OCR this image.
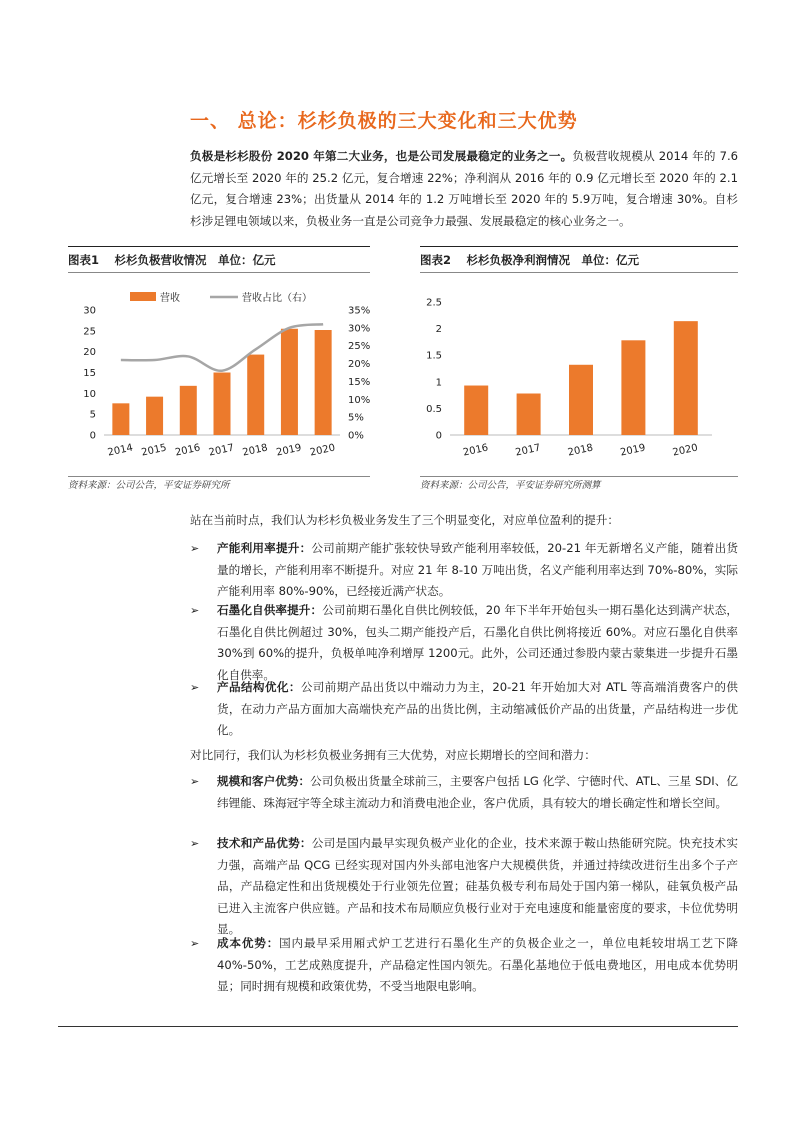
一、 总论：杉杉负极的三大变化和三大优势
负极是杉杉股份 2020 年第二大业务，也是公司发展最稳定的业务之一。负极营收规模从 2014 年的 7.6 亿元增长至 2020 年的 25.2 亿元，复合增速 22%；净利润从 2016 年的 0.9 亿元增长至 2020 年的 2.1 亿元，复合增速 23%；出货量从 2014 年的 1.2 万吨增长至 2020 年的 5.9万吨，复合增速 30%。自杉杉涉足锂电领域以来，负极业务一直是公司竞争力最强、发展最稳定的核心业务之一。
图表1　 杉杉负极营收情况　单位：亿元	图表2　 杉杉负极净利润情况　单位：亿元
0
5
10
15
20
25
30
0%
5%
10%
15%
20%
25%
30%
35%
2014 2015 2016 2017 2018 2019 2020
营收	营收占比（右）
0
0.5
1
1.5
2
2.5
2016	2017	2018	2019	2020
资料来源：公司公告，平安证券研究所	资料来源：公司公告，平安证券研究所测算
站在当前时点，我们认为杉杉负极业务发生了三个明显变化，对应单位盈利的提升：
➢ 产能利用率提升：公司前期产能扩张较快导致产能利用率较低，20-21 年无新增名义产能，随着出货量的增长，产能利用率不断提升。对应 21 年 8-10 万吨出货，名义产能利用率达到 70%-80%，实际产能利用率 80%-90%，已经接近满产状态。
➢ 石墨化自供率提升：公司前期石墨化自供比例较低，20 年下半年开始包头一期石墨化达到满产状态，石墨化自供比例超过 30%，包头二期产能投产后，石墨化自供比例将接近 60%。对应石墨化自供率 30%到 60%的提升，负极单吨净利增厚 1200元。此外，公司还通过参股内蒙古蒙集进一步提升石墨化自供率。
➢ 产品结构优化：公司前期产品出货以中端动力为主，20-21 年开始加大对 ATL 等高端消费客户的供货，在动力产品方面加大高端快充产品的出货比例，主动缩减低价产品的出货量，产品结构进一步优化。
对比同行，我们认为杉杉负极业务拥有三大优势，对应长期增长的空间和潜力：
➢ 规模和客户优势：公司负极出货量全球前三，主要客户包括 LG 化学、宁德时代、ATL、三星 SDI、亿纬锂能、珠海冠宇等全球主流动力和消费电池企业，客户优质，具有较大的增长确定性和增长空间。
➢ 技术和产品优势：公司是国内最早实现负极产业化的企业，技术来源于鞍山热能研究院。快充技术实力强，高端产品 QCG 已经实现对国内外头部电池客户大规模供货，并通过持续改进衍生出多个子产品，产品稳定性和出货规模处于行业领先位置；硅基负极专利布局处于国内第一梯队，硅氧负极产品已进入主流客户供应链。产品和技术布局顺应负极行业对于充电速度和能量密度的要求，卡位优势明显。
➢ 成本优势：国内最早采用厢式炉工艺进行石墨化生产的负极企业之一，单位电耗较坩埚工艺下降 40%-50%，工艺成熟度提升，产品稳定性国内领先。石墨化基地位于低电费地区，用电成本优势明显；同时拥有规模和政策优势，不受当地限电影响。
